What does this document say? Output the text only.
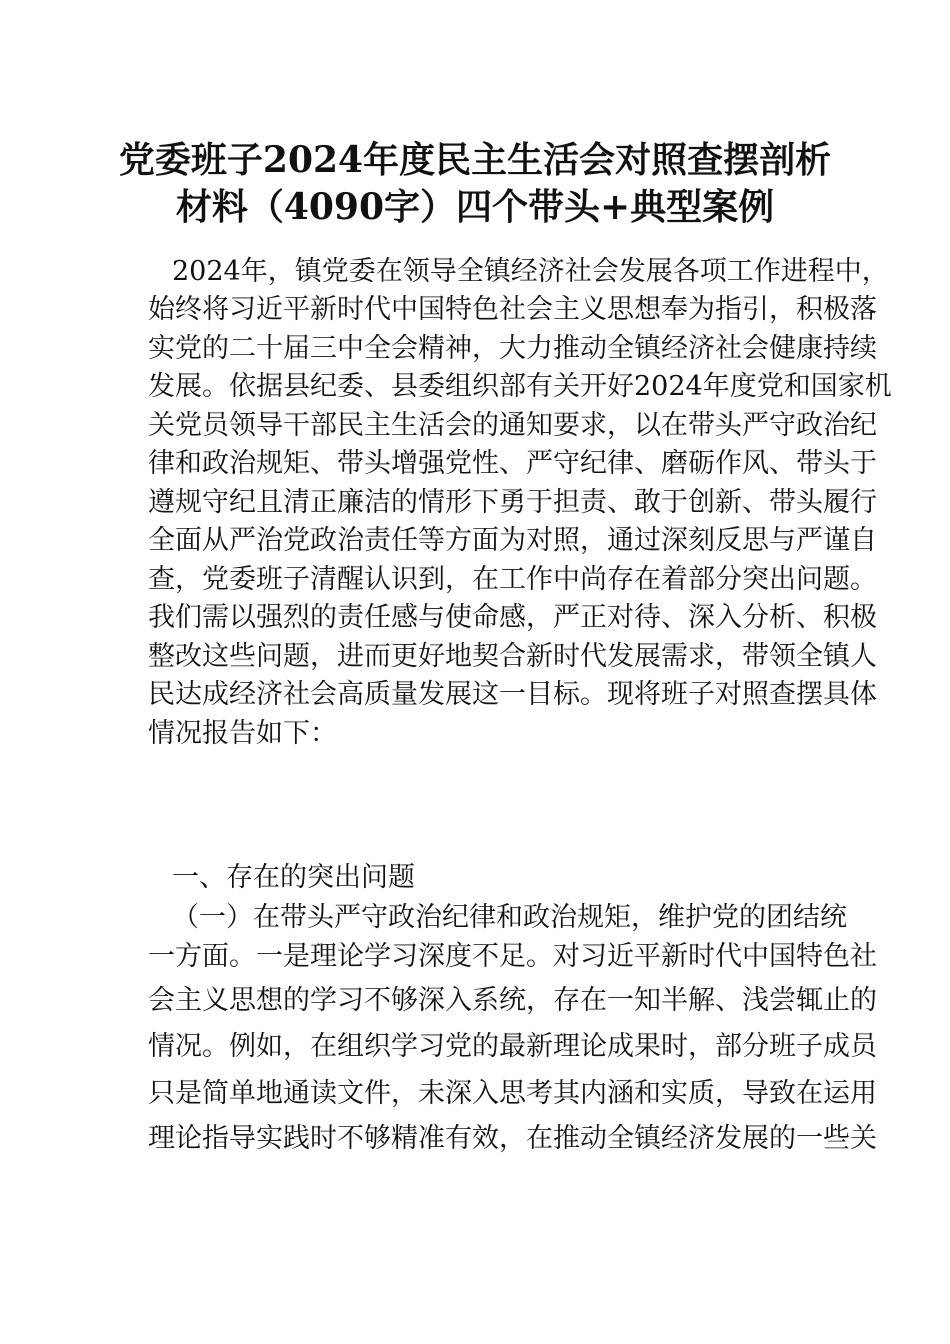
党委班子2024年度民主生活会对照查摆剖析
材料（4090字）四个带头+典型案例
2024年，镇党委在领导全镇经济社会发展各项工作进程中，
始终将习近平新时代中国特色社会主义思想奉为指引，积极落
实党的二十届三中全会精神，大力推动全镇经济社会健康持续
发展。依据县纪委、县委组织部有关开好2024年度党和国家机
关党员领导干部民主生活会的通知要求，以在带头严守政治纪
律和政治规矩、带头增强党性、严守纪律、磨砺作风、带头于
遵规守纪且清正廉洁的情形下勇于担责、敢于创新、带头履行
全面从严治党政治责任等方面为对照，通过深刻反思与严谨自
查，党委班子清醒认识到，在工作中尚存在着部分突出问题。
我们需以强烈的责任感与使命感，严正对待、深入分析、积极
整改这些问题，进而更好地契合新时代发展需求，带领全镇人
民达成经济社会高质量发展这一目标。现将班子对照查摆具体
情况报告如下：
一、存在的突出问题
（一）在带头严守政治纪律和政治规矩，维护党的团结统
一方面。一是理论学习深度不足。对习近平新时代中国特色社
会主义思想的学习不够深入系统，存在一知半解、浅尝辄止的
情况。例如，在组织学习党的最新理论成果时，部分班子成员
只是简单地通读文件，未深入思考其内涵和实质，导致在运用
理论指导实践时不够精准有效，在推动全镇经济发展的一些关
